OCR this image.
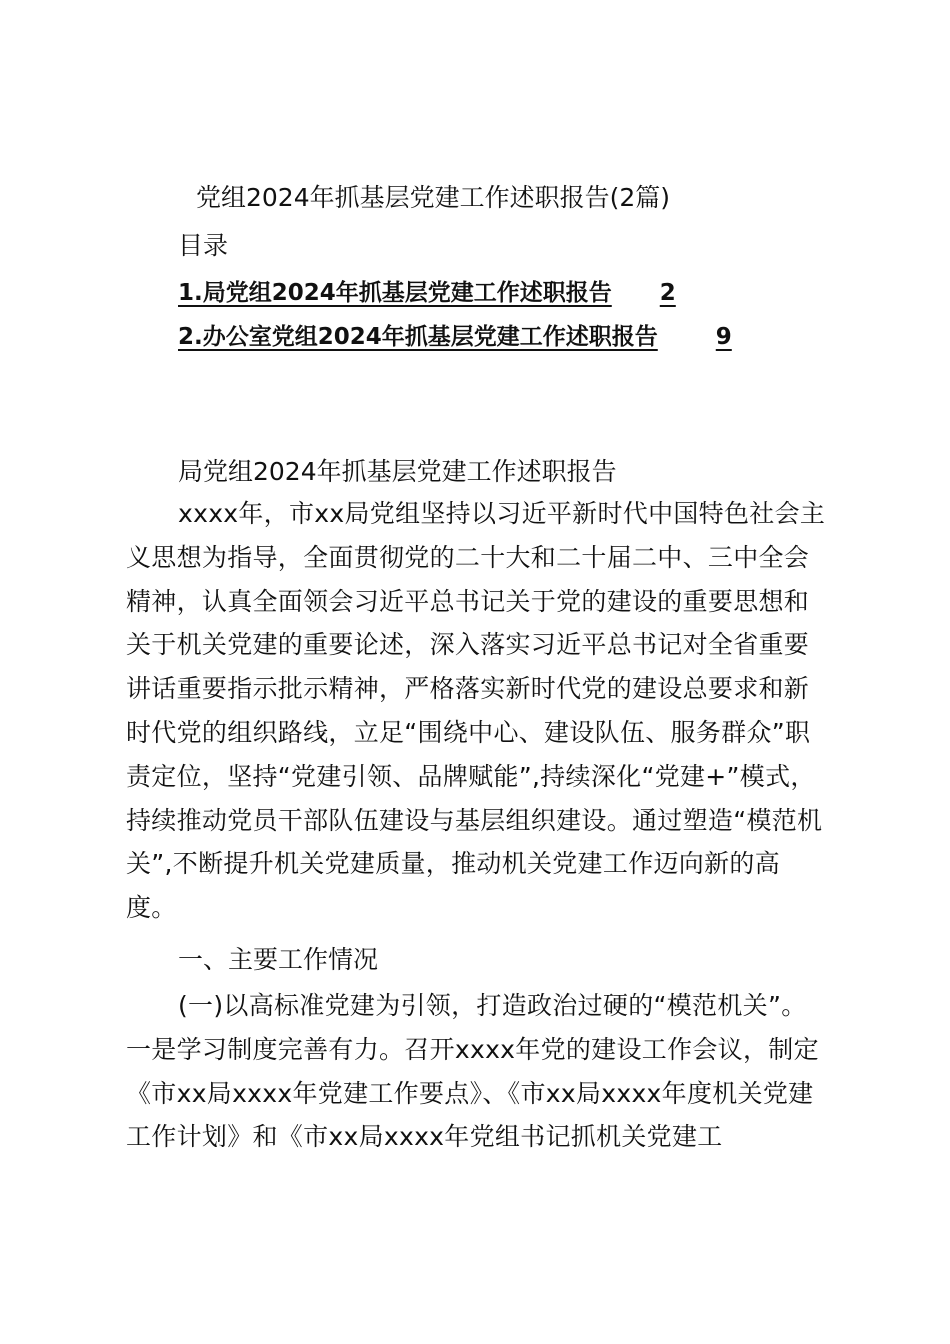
党组2024年抓基层党建工作述职报告(2篇)
目录
1.局党组2024年抓基层党建工作述职报告 2
2.办公室党组2024年抓基层党建工作述职报告	9
局党组2024年抓基层党建工作述职报告

xxxx年，市xx局党组坚持以习近平新时代中国特色社会主义思想为指导，全面贯彻党的二十大和二十届二中、三中全会精神，认真全面领会习近平总书记关于党的建设的重要思想和关于机关党建的重要论述，深入落实习近平总书记对全省重要讲话重要指示批示精神，严格落实新时代党的建设总要求和新时代党的组织路线，立足“围绕中心、建设队伍、服务群众”职责定位，坚持“党建引领、品牌赋能”,持续深化“党建+”模式，持续推动党员干部队伍建设与基层组织建设。通过塑造“模范机关”,不断提升机关党建质量，推动机关党建工作迈向新的高度。

一、主要工作情况

(一)以高标准党建为引领，打造政治过硬的“模范机关”。一是学习制度完善有力。召开xxxx年党的建设工作会议，制定《市xx局xxxx年党建工作要点》、《市xx局xxxx年度机关党建工作计划》和《市xx局xxxx年党组书记抓机关党建工
